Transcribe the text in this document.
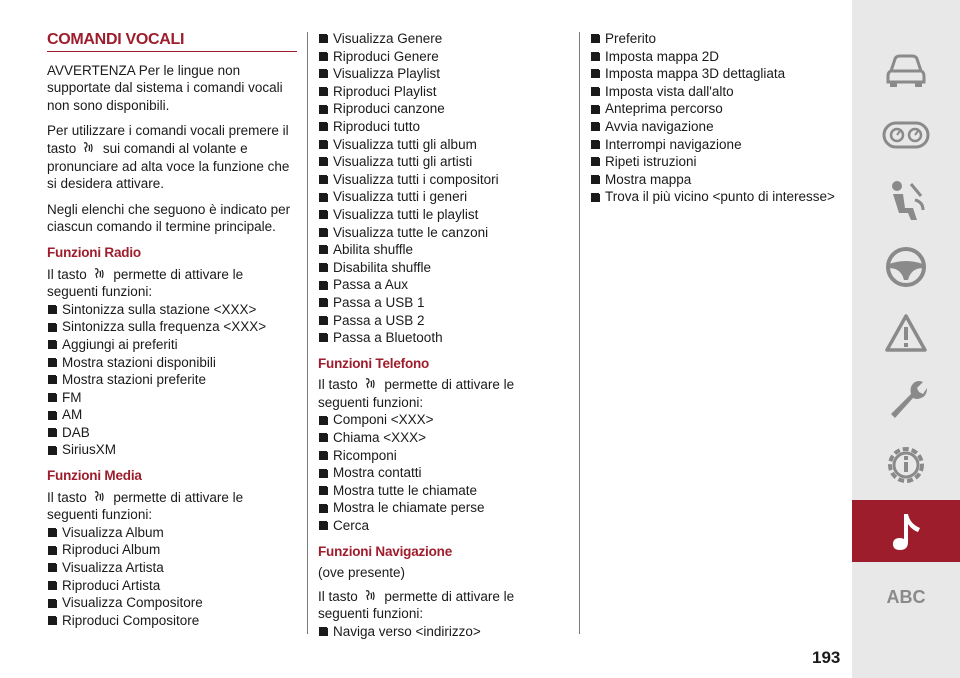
COMANDI VOCALI

AVVERTENZA Per le lingue non supportate dal sistema i comandi vocali non sono disponibili.

Per utilizzare i comandi vocali premere il tasto sui comandi al volante e pronunciare ad alta voce la funzione che si desidera attivare.

Negli elenchi che seguono è indicato per ciascun comando il termine principale.

Funzioni Radio
Il tasto permette di attivare le seguenti funzioni:
Sintonizza sulla stazione <XXX>
Sintonizza sulla frequenza <XXX>
Aggiungi ai preferiti
Mostra stazioni disponibili
Mostra stazioni preferite
FM
AM
DAB
SiriusXM
Funzioni Media
Il tasto permette di attivare le seguenti funzioni:
Visualizza Album
Riproduci Album
Visualizza Artista
Riproduci Artista
Visualizza Compositore
Riproduci Compositore
Visualizza Genere
Riproduci Genere
Visualizza Playlist
Riproduci Playlist
Riproduci canzone
Riproduci tutto
Visualizza tutti gli album
Visualizza tutti gli artisti
Visualizza tutti i compositori
Visualizza tutti i generi
Visualizza tutti le playlist
Visualizza tutte le canzoni
Abilita shuffle
Disabilita shuffle
Passa a Aux
Passa a USB 1
Passa a USB 2
Passa a Bluetooth
Funzioni Telefono
Il tasto permette di attivare le seguenti funzioni:
Componi <XXX>
Chiama <XXX>
Ricomponi
Mostra contatti
Mostra tutte le chiamate
Mostra le chiamate perse
Cerca
Funzioni Navigazione
(ove presente)
Il tasto permette di attivare le seguenti funzioni:
Naviga verso <indirizzo>
Preferito
Imposta mappa 2D
Imposta mappa 3D dettagliata
Imposta vista dall'alto
Anteprima percorso
Avvia navigazione
Interrompi navigazione
Ripeti istruzioni
Mostra mappa
Trova il più vicino <punto di interesse>
ABC
193
